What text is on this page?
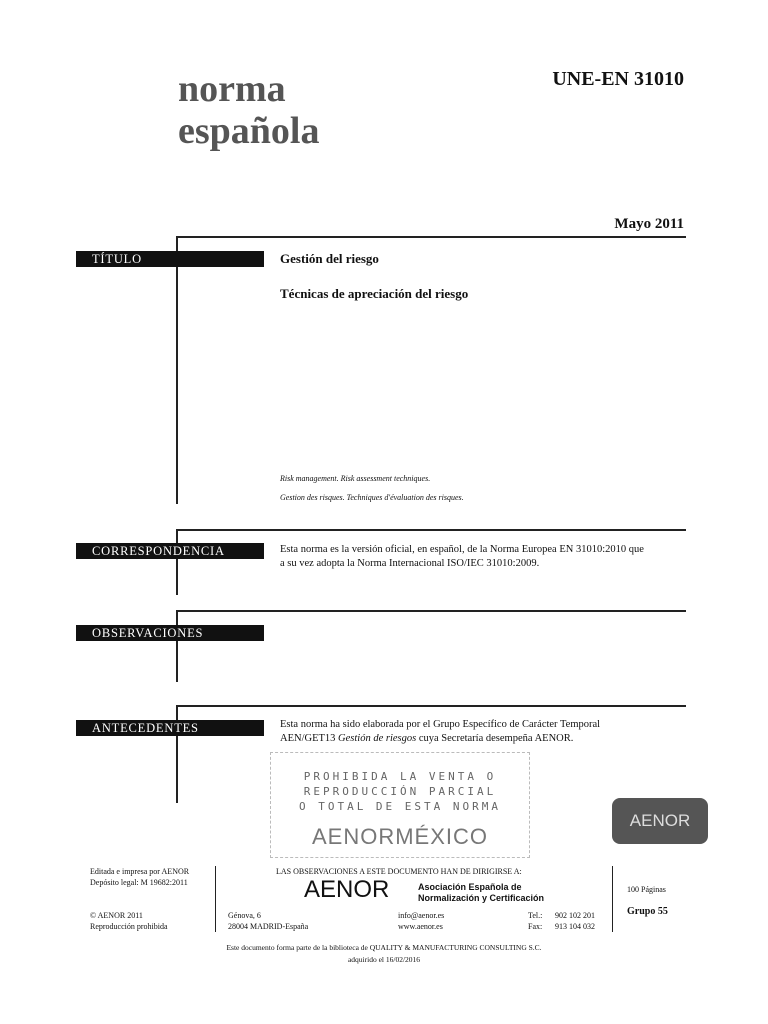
norma
española
UNE-EN 31010
Mayo 2011
TÍTULO	Gestión del riesgo
Técnicas de apreciación del riesgo
Risk management. Risk assessment techniques.
Gestion des risques. Techniques d'évaluation des risques.
CORRESPONDENCIA	Esta norma es la versión oficial, en español, de la Norma Europea EN 31010:2010 que
a su vez adopta la Norma Internacional ISO/IEC 31010:2009.
OBSERVACIONES
ANTECEDENTES	Esta norma ha sido elaborada por el Grupo Específico de Carácter Temporal
AEN/GET13 Gestión de riesgos cuya Secretaría desempeña AENOR.
PROHIBIDA LA VENTA O
REPRODUCCIÓN PARCIAL
O TOTAL DE ESTA NORMA
AENORMÉXICO
AENOR
Editada e impresa por AENOR
Depósito legal: M 19682:2011
© AENOR 2011
Reproducción prohibida
LAS OBSERVACIONES A ESTE DOCUMENTO HAN DE DIRIGIRSE A:
AENOR	Asociación Española de
Normalización y Certificación
Génova, 6
28004 MADRID-España
info@aenor.es
www.aenor.es
Tel.: 902 102 201
Fax: 913 104 032
100 Páginas
Grupo 55
Este documento forma parte de la biblioteca de QUALITY & MANUFACTURING CONSULTING S.C.
adquirido el 16/02/2016
